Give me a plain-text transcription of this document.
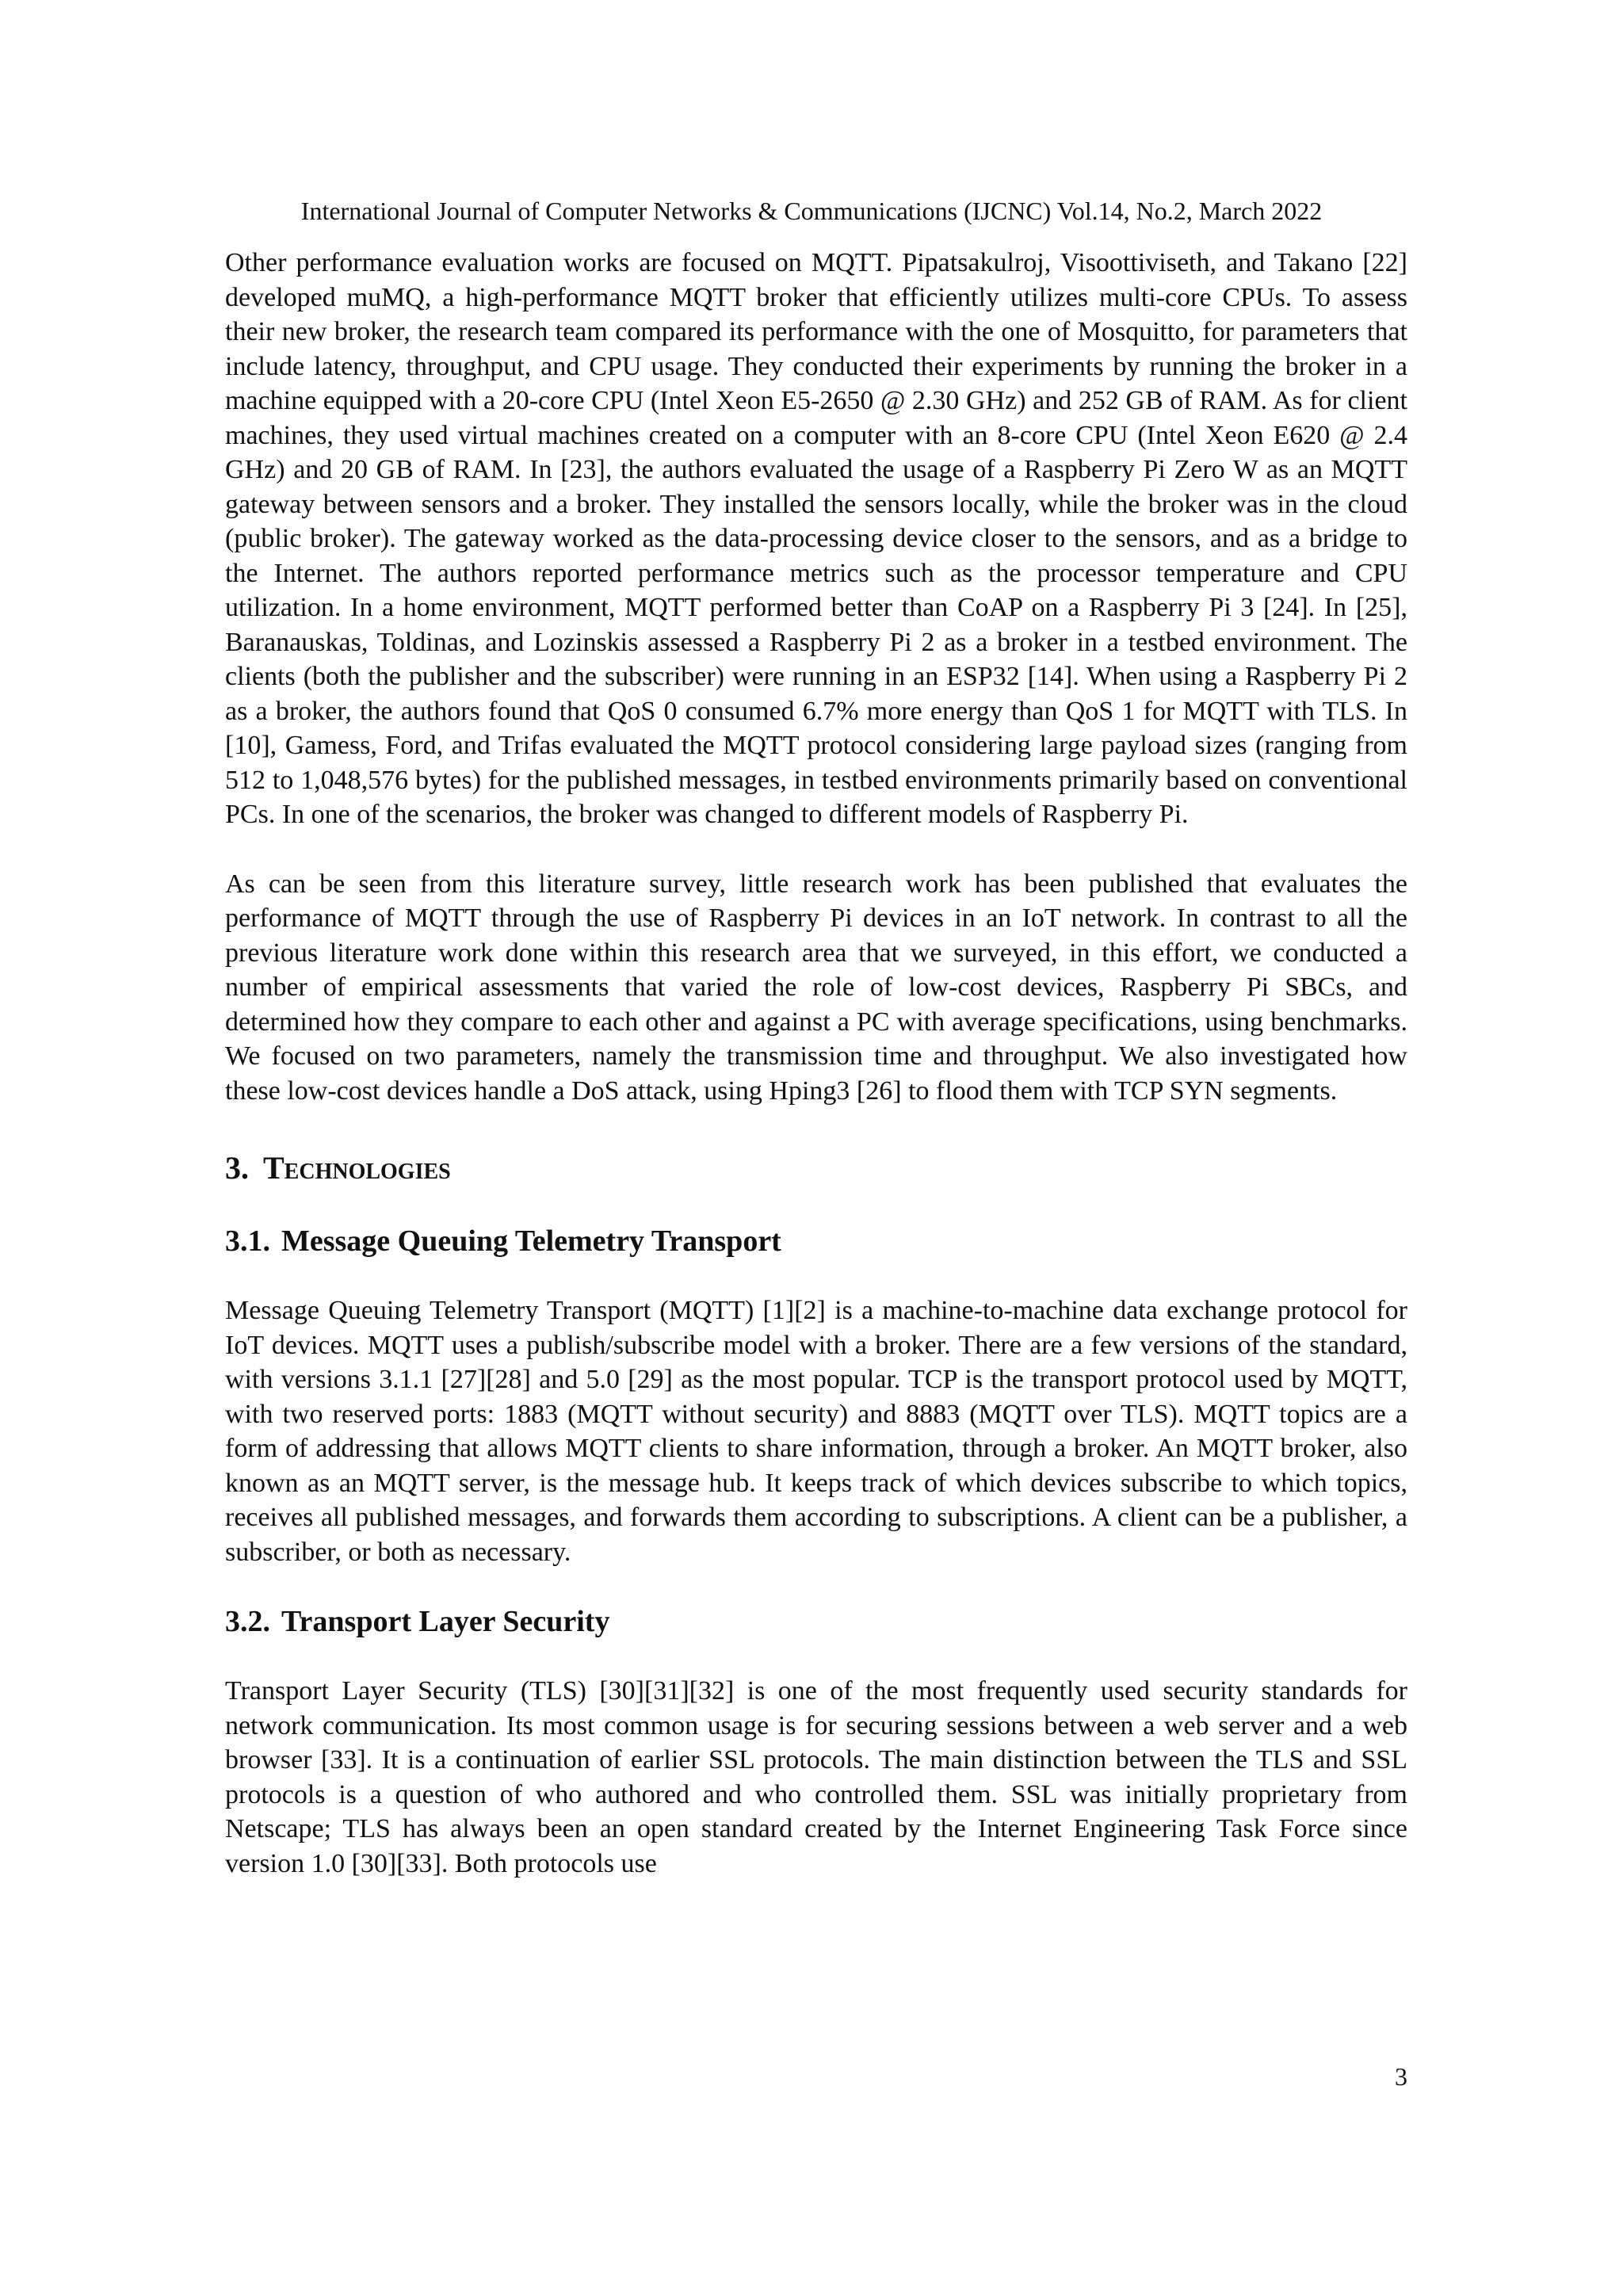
International Journal of Computer Networks & Communications (IJCNC) Vol.14, No.2, March 2022

Other performance evaluation works are focused on MQTT. Pipatsakulroj, Visoottiviseth, and Takano [22] developed muMQ, a high-performance MQTT broker that efficiently utilizes multi-core CPUs. To assess their new broker, the research team compared its performance with the one of Mosquitto, for parameters that include latency, throughput, and CPU usage. They conducted their experiments by running the broker in a machine equipped with a 20-core CPU (Intel Xeon E5-2650 @ 2.30 GHz) and 252 GB of RAM. As for client machines, they used virtual machines created on a computer with an 8-core CPU (Intel Xeon E620 @ 2.4 GHz) and 20 GB of RAM. In [23], the authors evaluated the usage of a Raspberry Pi Zero W as an MQTT gateway between sensors and a broker. They installed the sensors locally, while the broker was in the cloud (public broker). The gateway worked as the data-processing device closer to the sensors, and as a bridge to the Internet. The authors reported performance metrics such as the processor temperature and CPU utilization. In a home environment, MQTT performed better than CoAP on a Raspberry Pi 3 [24]. In [25], Baranauskas, Toldinas, and Lozinskis assessed a Raspberry Pi 2 as a broker in a testbed environment. The clients (both the publisher and the subscriber) were running in an ESP32 [14]. When using a Raspberry Pi 2 as a broker, the authors found that QoS 0 consumed 6.7% more energy than QoS 1 for MQTT with TLS. In [10], Gamess, Ford, and Trifas evaluated the MQTT protocol considering large payload sizes (ranging from 512 to 1,048,576 bytes) for the published messages, in testbed environments primarily based on conventional PCs. In one of the scenarios, the broker was changed to different models of Raspberry Pi.

As can be seen from this literature survey, little research work has been published that evaluates the performance of MQTT through the use of Raspberry Pi devices in an IoT network. In contrast to all the previous literature work done within this research area that we surveyed, in this effort, we conducted a number of empirical assessments that varied the role of low-cost devices, Raspberry Pi SBCs, and determined how they compare to each other and against a PC with average specifications, using benchmarks. We focused on two parameters, namely the transmission time and throughput. We also investigated how these low-cost devices handle a DoS attack, using Hping3 [26] to flood them with TCP SYN segments.

3. Technologies
3.1. Message Queuing Telemetry Transport

Message Queuing Telemetry Transport (MQTT) [1][2] is a machine-to-machine data exchange protocol for IoT devices. MQTT uses a publish/subscribe model with a broker. There are a few versions of the standard, with versions 3.1.1 [27][28] and 5.0 [29] as the most popular. TCP is the transport protocol used by MQTT, with two reserved ports: 1883 (MQTT without security) and 8883 (MQTT over TLS). MQTT topics are a form of addressing that allows MQTT clients to share information, through a broker. An MQTT broker, also known as an MQTT server, is the message hub. It keeps track of which devices subscribe to which topics, receives all published messages, and forwards them according to subscriptions. A client can be a publisher, a subscriber, or both as necessary.

3.2. Transport Layer Security

Transport Layer Security (TLS) [30][31][32] is one of the most frequently used security standards for network communication. Its most common usage is for securing sessions between a web server and a web browser [33]. It is a continuation of earlier SSL protocols. The main distinction between the TLS and SSL protocols is a question of who authored and who controlled them. SSL was initially proprietary from Netscape; TLS has always been an open standard created by the Internet Engineering Task Force since version 1.0 [30][33]. Both protocols use

3
